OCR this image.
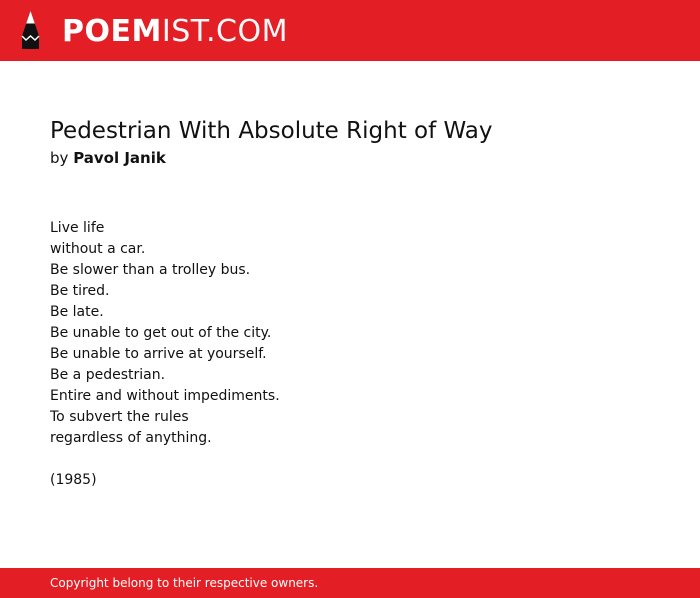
POEM IST.COM
Pedestrian With Absolute Right of Way

by Pavol Janik

Live life
without a car.
Be slower than a trolley bus.
Be tired.
Be late.
Be unable to get out of the city.
Be unable to arrive at yourself.
Be a pedestrian.
Entire and without impediments.
To subvert the rules
regardless of anything.
(1985)
Copyright belong to their respective owners.
